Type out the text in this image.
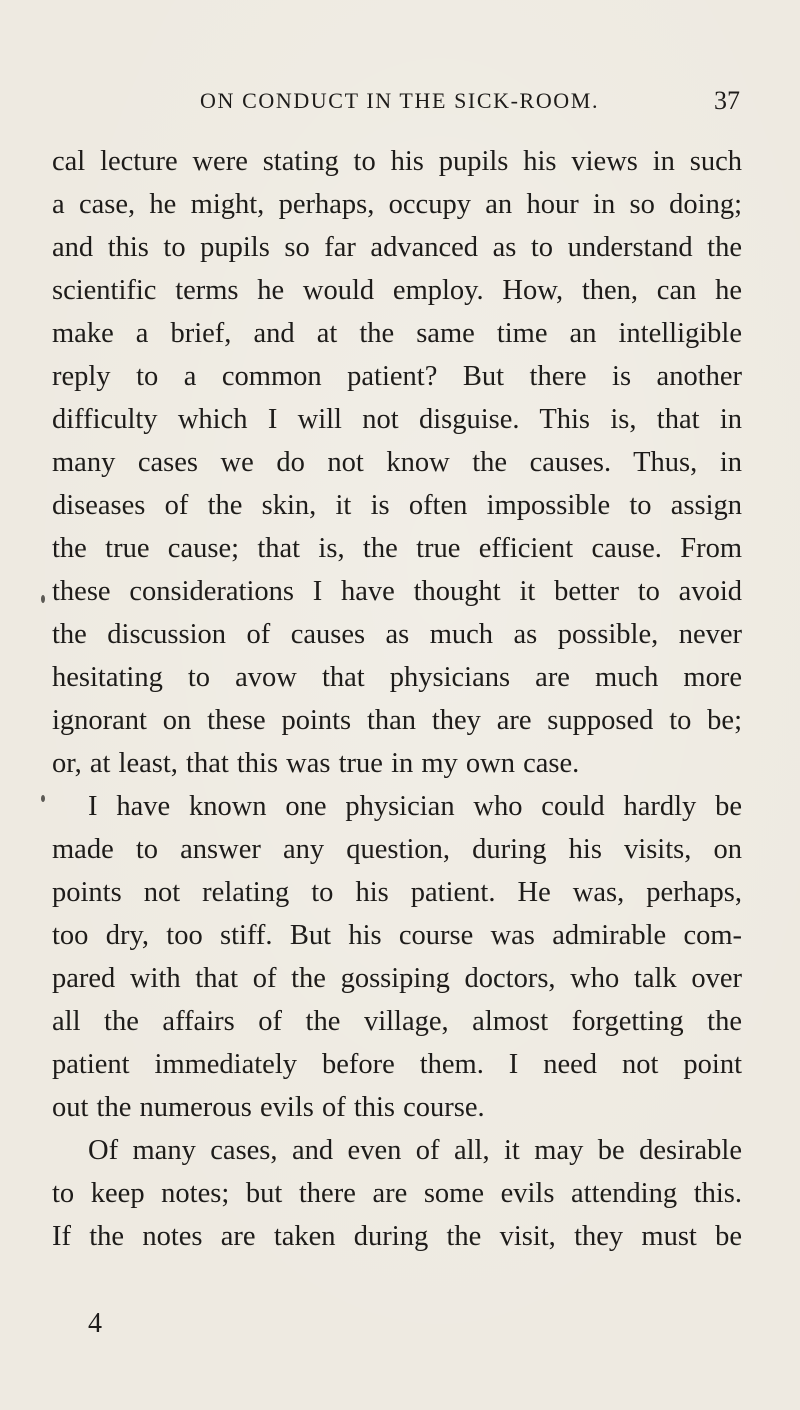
ON CONDUCT IN THE SICK-ROOM.	37
cal lecture were stating to his pupils his views in such
a case, he might, perhaps, occupy an hour in so doing;
and this to pupils so far advanced as to understand the
scientific terms he would employ. How, then, can he
make a brief, and at the same time an intelligible
reply to a common patient? But there is another
difficulty which I will not disguise. This is, that in
many cases we do not know the causes. Thus, in
diseases of the skin, it is often impossible to assign
the true cause; that is, the true efficient cause. From
these considerations I have thought it better to avoid
the discussion of causes as much as possible, never
hesitating to avow that physicians are much more
ignorant on these points than they are supposed to be;
or, at least, that this was true in my own case.
I have known one physician who could hardly be
made to answer any question, during his visits, on
points not relating to his patient. He was, perhaps,
too dry, too stiff. But his course was admirable com-
pared with that of the gossiping doctors, who talk over
all the affairs of the village, almost forgetting the
patient immediately before them. I need not point
out the numerous evils of this course.
Of many cases, and even of all, it may be desirable
to keep notes; but there are some evils attending this.
If the notes are taken during the visit, they must be
4
